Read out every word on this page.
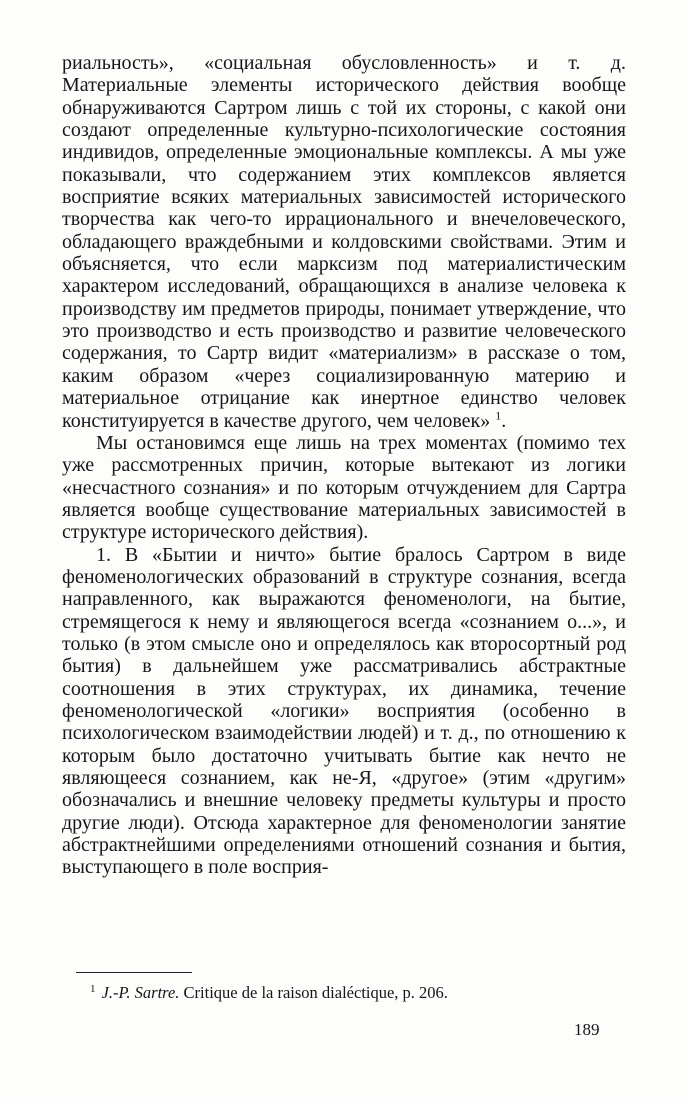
риальность», «социальная обусловленность» и т. д. Материальные элементы исторического действия вообще обнаруживаются Сартром лишь с той их стороны, с какой они создают определенные культурно-психологические состояния индивидов, определенные эмоциональные комплексы. А мы уже показывали, что содержанием этих комплексов является восприятие всяких материальных зависимостей исторического творчества как чего-то иррационального и внечеловеческого, обладающего враждебными и колдовскими свойствами. Этим и объясняется, что если марксизм под материалистическим характером исследований, обращающихся в анализе человека к производству им предметов природы, понимает утверждение, что это производство и есть производство и развитие человеческого содержания, то Сартр видит «материализм» в рассказе о том, каким образом «через социализированную материю и материальное отрицание как инертное единство человек конституируется в качестве другого, чем человек» $^1$.

Мы остановимся еще лишь на трех моментах (помимо тех уже рассмотренных причин, которые вытекают из логики «несчастного сознания» и по которым отчуждением для Сартра является вообще существование материальных зависимостей в структуре исторического действия).

1. В «Бытии и ничто» бытие бралось Сартром в виде феноменологических образований в структуре сознания, всегда направленного, как выражаются феноменологи, на бытие, стремящегося к нему и являющегося всегда «сознанием о...», и только (в этом смысле оно и определялось как второсортный род бытия) в дальнейшем уже рассматривались абстрактные соотношения в этих структурах, их динамика, течение феноменологической «логики» восприятия (особенно в психологическом взаимодействии людей) и т. д., по отношению к которым было достаточно учитывать бытие как нечто не являющееся сознанием, как не-Я, «другое» (этим «другим» обозначались и внешние человеку предметы культуры и просто другие люди). Отсюда характерное для феноменологии занятие абстрактнейшими определениями отношений сознания и бытия, выступающего в поле восприя-

$^1$ J.-P. Sartre. Critique de la raison dialéctique, p. 206.
189
